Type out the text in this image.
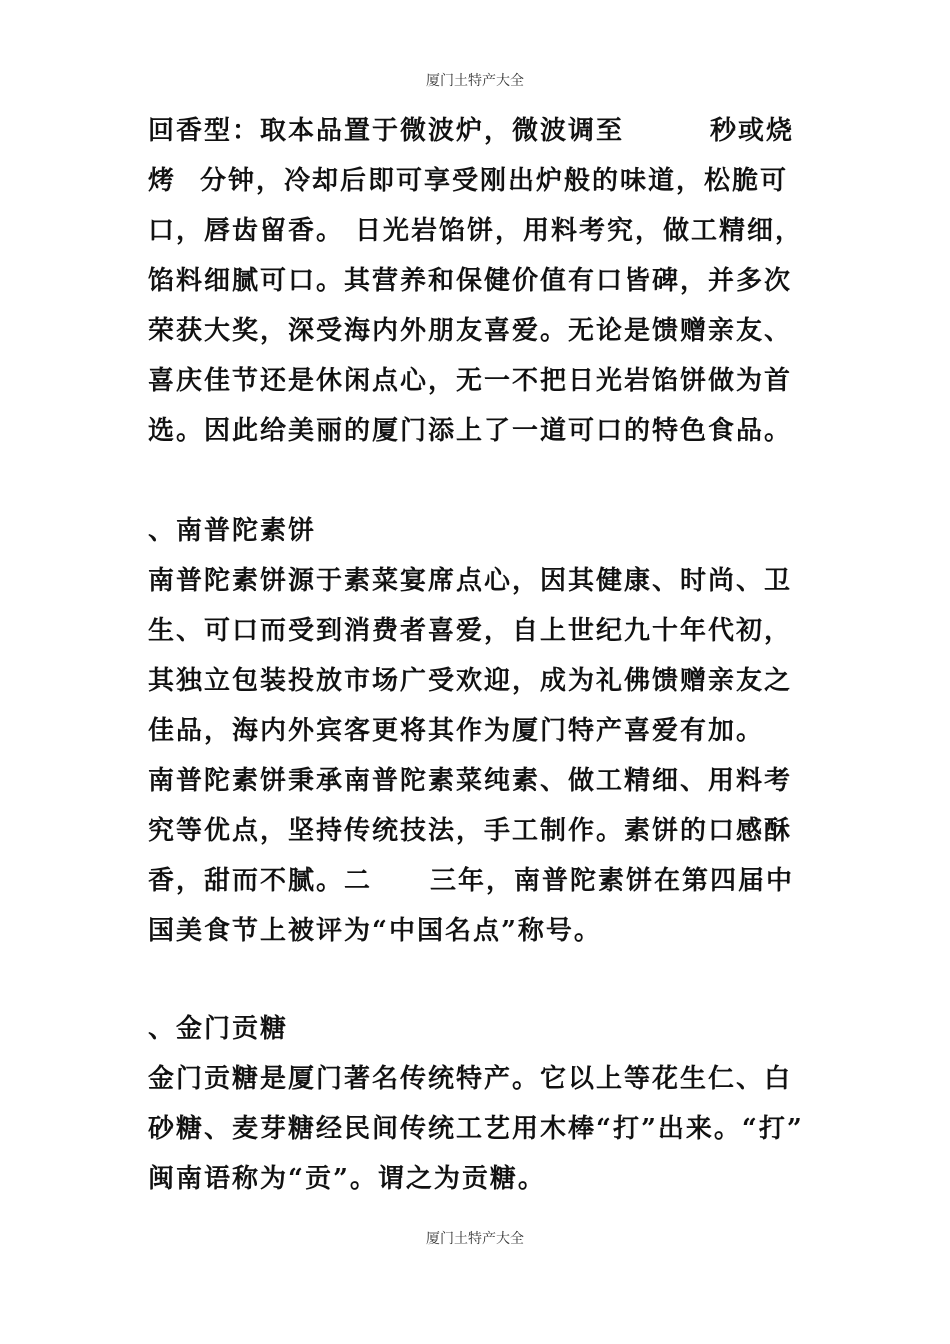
厦门土特产大全
回香型：取本品置于微波炉，微波调至	秒或烧
烤 分钟，冷却后即可享受刚出炉般的味道，松脆可
口，唇齿留香。 日光岩馅饼，用料考究，做工精细，
馅料细腻可口。其营养和保健价值有口皆碑，并多次
荣获大奖，深受海内外朋友喜爱。无论是馈赠亲友、
喜庆佳节还是休闲点心，无一不把日光岩馅饼做为首
选。因此给美丽的厦门添上了一道可口的特色食品。
、南普陀素饼
南普陀素饼源于素菜宴席点心，因其健康、时尚、卫
生、可口而受到消费者喜爱，自上世纪九十年代初，
其独立包装投放市场广受欢迎，成为礼佛馈赠亲友之
佳品，海内外宾客更将其作为厦门特产喜爱有加。
南普陀素饼秉承南普陀素菜纯素、做工精细、用料考
究等优点，坚持传统技法，手工制作。素饼的口感酥
香，甜而不腻。二 三年，南普陀素饼在第四届中
国美食节上被评为“中国名点”称号。
、金门贡糖
金门贡糖是厦门著名传统特产。它以上等花生仁、白
砂糖、麦芽糖经民间传统工艺用木棒“打”出来。“打”
闽南语称为“贡”。谓之为贡糖。
厦门土特产大全
